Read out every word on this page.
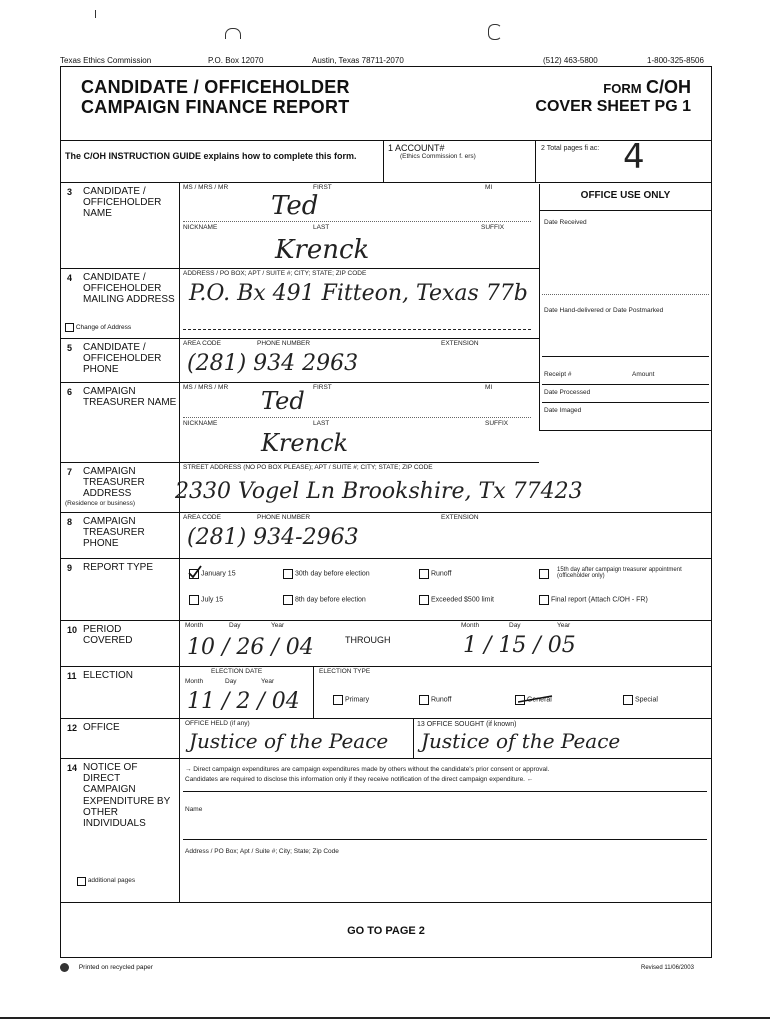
Texas Ethics Commission	P.O. Box 12070	Austin, Texas 78711-2070	(512) 463-5800	1-800-325-8506
CANDIDATE / OFFICEHOLDER
CAMPAIGN FINANCE REPORT
FORM C/OH
COVER SHEET PG 1
The C/OH INSTRUCTION GUIDE explains how to complete this form.
1 ACCOUNT#
(Ethics Commission f. ers)
2 Total pages fi ac: 4
OFFICE USE ONLY
Date Received
Date Hand-delivered or Date Postmarked
Receipt #	Amount
Date Processed
Date Imaged
3 CANDIDATE / OFFICEHOLDER NAME
MS / MRS / MR	FIRST	MI
Ted
NICKNAME	LAST	SUFFIX
Krenck
4 CANDIDATE / OFFICEHOLDER MAILING ADDRESS
ADDRESS / PO BOX; APT / SUITE #; CITY; STATE; ZIP CODE
P.O. Bx 491 Fitteon, Texas 77b
Change of Address
5 CANDIDATE / OFFICEHOLDER PHONE
AREA CODE	PHONE NUMBER	EXTENSION
(281) 934 2963
6 CAMPAIGN TREASURER NAME
MS / MRS / MR	FIRST	MI
Ted
NICKNAME	LAST	SUFFIX
Krenck
7 CAMPAIGN TREASURER ADDRESS
(Residence or business)
STREET ADDRESS (NO PO BOX PLEASE); APT / SUITE #; CITY; STATE; ZIP CODE
2330 Vogel Ln Brookshire, Tx 77423
8 CAMPAIGN TREASURER PHONE
AREA CODE	PHONE NUMBER	EXTENSION
(281) 934-2963
9 REPORT TYPE
January 15	30th day before election	Runoff
15th day after campaign treasurer appointment (officeholder only)
July 15	8th day before election	Exceeded $500 limit	Final report (Attach C/OH - FR)
10 PERIOD COVERED
Month	Day	Year
10 / 26 / 04	THROUGH
Month	Day	Year
1 / 15 / 05
11 ELECTION	ELECTION DATE
Month	Day	Year
11 / 2 / 04
ELECTION TYPE
Primary	Runoff	General	Special
12 OFFICE	OFFICE HELD (if any)
Justice of the Peace
13 OFFICE SOUGHT (if known)
Justice of the Peace
14 NOTICE OF DIRECT CAMPAIGN EXPENDITURE BY OTHER INDIVIDUALS
→ Direct campaign expenditures are campaign expenditures made by others without the candidate's prior consent or approval.
Candidates are required to disclose this information only if they receive notification of the direct campaign expenditure. ←
Name
Address / PO Box; Apt / Suite #; City; State; Zip Code
additional pages
GO TO PAGE 2
Printed on recycled paper	Revised 11/06/2003
